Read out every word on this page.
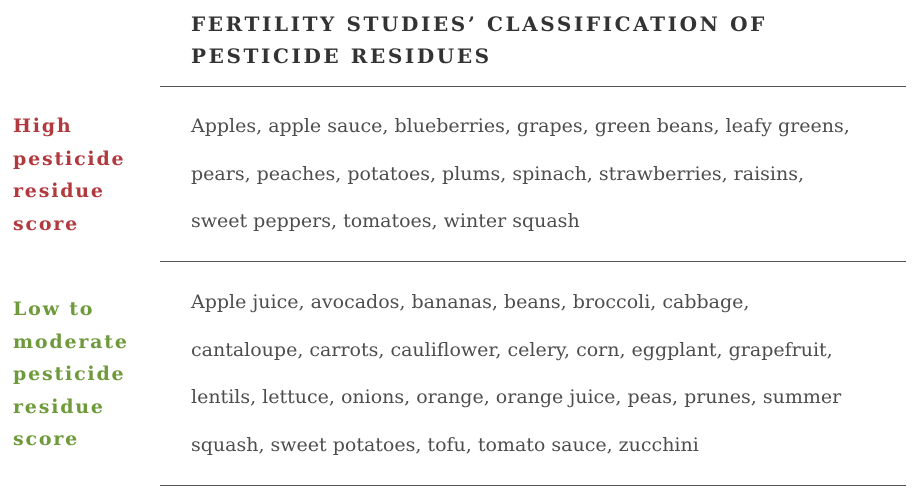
FERTILITY STUDIES’ CLASSIFICATION OF
PESTICIDE RESIDUES
High
pesticide
residue
score
Apples, apple sauce, blueberries, grapes, green beans, leafy greens,
pears, peaches, potatoes, plums, spinach, strawberries, raisins,
sweet peppers, tomatoes, winter squash
Low to
moderate
pesticide
residue
score
Apple juice, avocados, bananas, beans, broccoli, cabbage,
cantaloupe, carrots, cauliflower, celery, corn, eggplant, grapefruit,
lentils, lettuce, onions, orange, orange juice, peas, prunes, summer
squash, sweet potatoes, tofu, tomato sauce, zucchini
